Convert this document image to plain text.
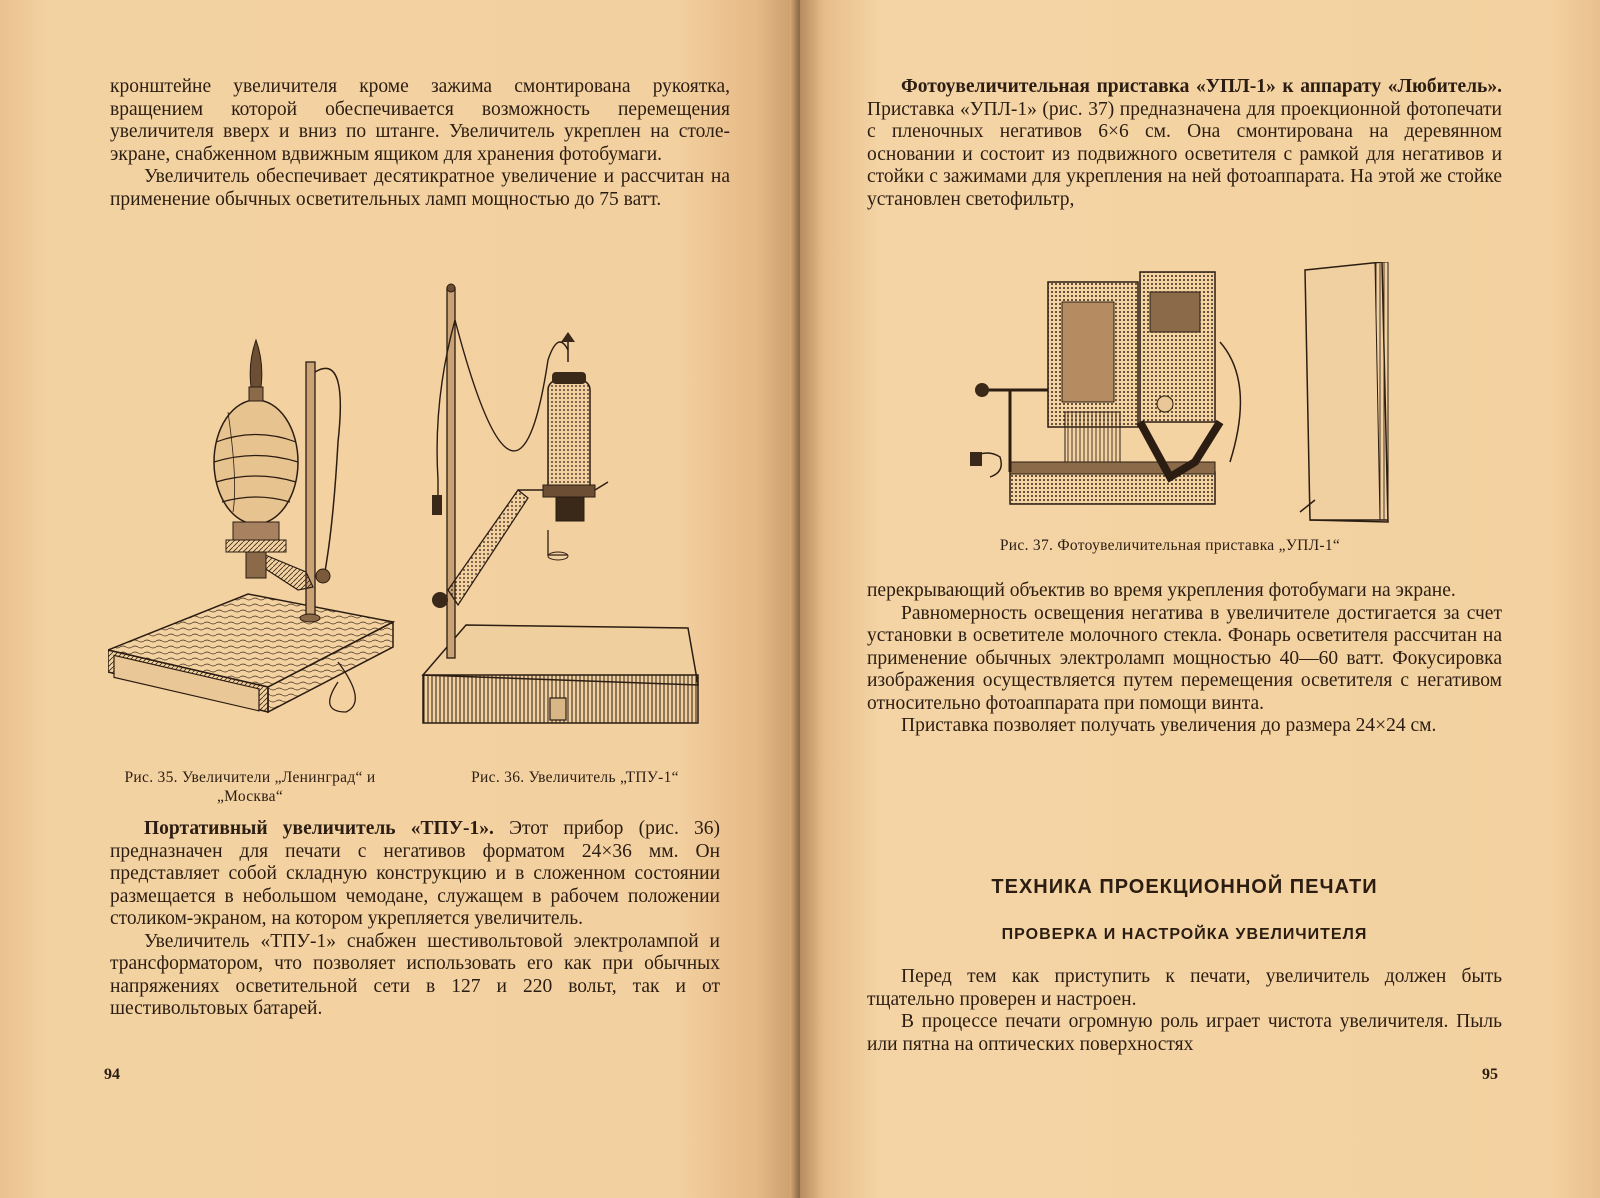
кронштейне увеличителя кроме зажима смонтирована рукоятка, вращением которой обеспечивается возможность перемещения увеличителя вверх и вниз по штанге. Увеличитель укреплен на столе-экране, снабженном вдвижным ящиком для хранения фотобумаги.

Увеличитель обеспечивает десятикратное увеличение и рассчитан на применение обычных осветительных ламп мощностью до 75 ватт.

Рис. 35. Увеличители „Ленинград“ и „Москва“
Рис. 36. Увеличитель „ТПУ-1“

Портативный увеличитель «ТПУ-1». Этот прибор (рис. 36) предназначен для печати с негативов форматом 24×36 мм. Он представляет собой складную конструкцию и в сложенном состоянии размещается в небольшом чемодане, служащем в рабочем положении столиком-экраном, на котором укрепляется увеличитель.

Увеличитель «ТПУ-1» снабжен шестивольтовой электролампой и трансформатором, что позволяет использовать его как при обычных напряжениях осветительной сети в 127 и 220 вольт, так и от шестивольтовых батарей.

94

Фотоувеличительная приставка «УПЛ-1» к аппарату «Любитель». Приставка «УПЛ-1» (рис. 37) предназначена для проекционной фотопечати с пленочных негативов 6×6 см. Она смонтирована на деревянном основании и состоит из подвижного осветителя с рамкой для негативов и стойки с зажимами для укрепления на ней фотоаппарата. На этой же стойке установлен светофильтр,

Рис. 37. Фотоувеличительная приставка „УПЛ-1“

перекрывающий объектив во время укрепления фотобумаги на экране.

Равномерность освещения негатива в увеличителе достигается за счет установки в осветителе молочного стекла. Фонарь осветителя рассчитан на применение обычных электроламп мощностью 40—60 ватт. Фокусировка изображения осуществляется путем перемещения осветителя с негативом относительно фотоаппарата при помощи винта.

Приставка позволяет получать увеличения до размера 24×24 см.

ТЕХНИКА ПРОЕКЦИОННОЙ ПЕЧАТИ
ПРОВЕРКА И НАСТРОЙКА УВЕЛИЧИТЕЛЯ

Перед тем как приступить к печати, увеличитель должен быть тщательно проверен и настроен.

В процессе печати огромную роль играет чистота увеличителя. Пыль или пятна на оптических поверхностях

95
